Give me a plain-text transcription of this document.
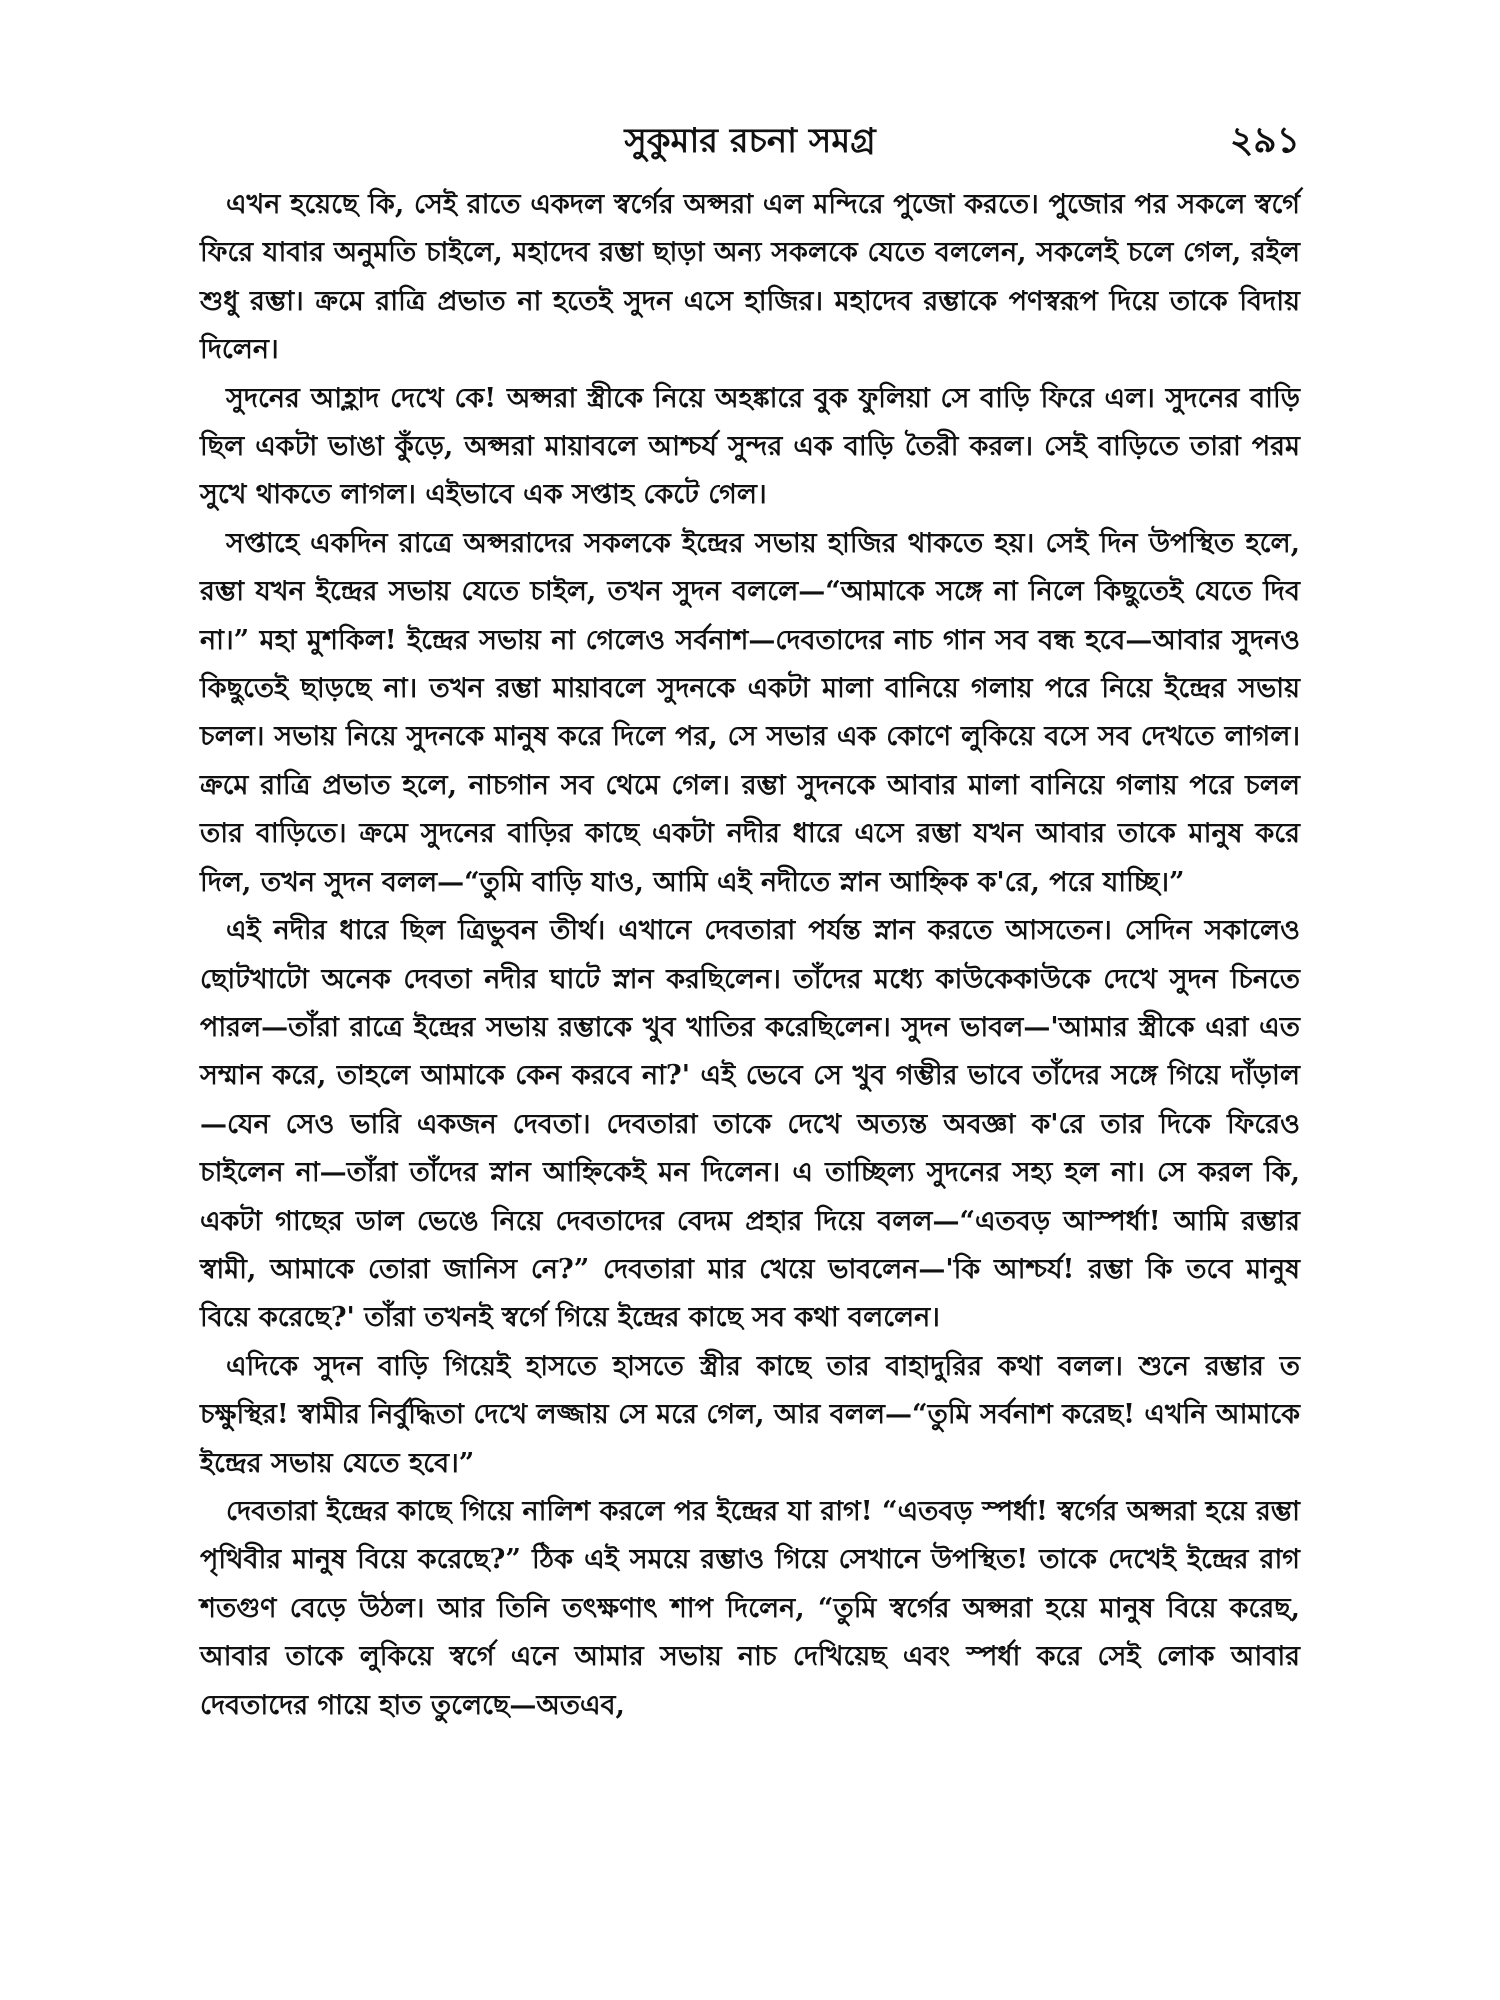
সুকুমার রচনা সমগ্র	২৯১

এখন হয়েছে কি, সেই রাতে একদল স্বর্গের অপ্সরা এল মন্দিরে পুজো করতে। পুজোর পর সকলে স্বর্গে ফিরে যাবার অনুমতি চাইলে, মহাদেব রম্ভা ছাড়া অন্য সকলকে যেতে বললেন, সকলেই চলে গেল, রইল শুধু রম্ভা। ক্রমে রাত্রি প্রভাত না হতেই সুদন এসে হাজির। মহাদেব রম্ভাকে পণস্বরূপ দিয়ে তাকে বিদায় দিলেন।

সুদনের আহ্লাদ দেখে কে! অপ্সরা স্ত্রীকে নিয়ে অহঙ্কারে বুক ফুলিয়া সে বাড়ি ফিরে এল। সুদনের বাড়ি ছিল একটা ভাঙা কুঁড়ে, অপ্সরা মায়াবলে আশ্চর্য সুন্দর এক বাড়ি তৈরী করল। সেই বাড়িতে তারা পরম সুখে থাকতে লাগল। এইভাবে এক সপ্তাহ কেটে গেল।

সপ্তাহে একদিন রাত্রে অপ্সরাদের সকলকে ইন্দ্রের সভায় হাজির থাকতে হয়। সেই দিন উপস্থিত হলে, রম্ভা যখন ইন্দ্রের সভায় যেতে চাইল, তখন সুদন বললে—“আমাকে সঙ্গে না নিলে কিছুতেই যেতে দিব না।” মহা মুশকিল! ইন্দ্রের সভায় না গেলেও সর্বনাশ—দেবতাদের নাচ গান সব বন্ধ হবে—আবার সুদনও কিছুতেই ছাড়ছে না। তখন রম্ভা মায়াবলে সুদনকে একটা মালা বানিয়ে গলায় পরে নিয়ে ইন্দ্রের সভায় চলল। সভায় নিয়ে সুদনকে মানুষ করে দিলে পর, সে সভার এক কোণে লুকিয়ে বসে সব দেখতে লাগল। ক্রমে রাত্রি প্রভাত হলে, নাচগান সব থেমে গেল। রম্ভা সুদনকে আবার মালা বানিয়ে গলায় পরে চলল তার বাড়িতে। ক্রমে সুদনের বাড়ির কাছে একটা নদীর ধারে এসে রম্ভা যখন আবার তাকে মানুষ করে দিল, তখন সুদন বলল—“তুমি বাড়ি যাও, আমি এই নদীতে স্নান আহ্নিক ক'রে, পরে যাচ্ছি।”

এই নদীর ধারে ছিল ত্রিভুবন তীর্থ। এখানে দেবতারা পর্যন্ত স্নান করতে আসতেন। সেদিন সকালেও ছোটখাটো অনেক দেবতা নদীর ঘাটে স্নান করছিলেন। তাঁদের মধ্যে কাউকেকাউকে দেখে সুদন চিনতে পারল—তাঁরা রাত্রে ইন্দ্রের সভায় রম্ভাকে খুব খাতির করেছিলেন। সুদন ভাবল—'আমার স্ত্রীকে এরা এত সম্মান করে, তাহলে আমাকে কেন করবে না?' এই ভেবে সে খুব গম্ভীর ভাবে তাঁদের সঙ্গে গিয়ে দাঁড়াল—যেন সেও ভারি একজন দেবতা। দেবতারা তাকে দেখে অত্যন্ত অবজ্ঞা ক'রে তার দিকে ফিরেও চাইলেন না—তাঁরা তাঁদের স্নান আহ্নিকেই মন দিলেন। এ তাচ্ছিল্য সুদনের সহ্য হল না। সে করল কি, একটা গাছের ডাল ভেঙে নিয়ে দেবতাদের বেদম প্রহার দিয়ে বলল—“এতবড় আস্পর্ধা! আমি রম্ভার স্বামী, আমাকে তোরা জানিস নে?” দেবতারা মার খেয়ে ভাবলেন—'কি আশ্চর্য! রম্ভা কি তবে মানুষ বিয়ে করেছে?' তাঁরা তখনই স্বর্গে গিয়ে ইন্দ্রের কাছে সব কথা বললেন।

এদিকে সুদন বাড়ি গিয়েই হাসতে হাসতে স্ত্রীর কাছে তার বাহাদুরির কথা বলল। শুনে রম্ভার ত চক্ষুস্থির! স্বামীর নির্বুদ্ধিতা দেখে লজ্জায় সে মরে গেল, আর বলল—“তুমি সর্বনাশ করেছ! এখনি আমাকে ইন্দ্রের সভায় যেতে হবে।”

দেবতারা ইন্দ্রের কাছে গিয়ে নালিশ করলে পর ইন্দ্রের যা রাগ! “এতবড় স্পর্ধা! স্বর্গের অপ্সরা হয়ে রম্ভা পৃথিবীর মানুষ বিয়ে করেছে?” ঠিক এই সময়ে রম্ভাও গিয়ে সেখানে উপস্থিত! তাকে দেখেই ইন্দ্রের রাগ শতগুণ বেড়ে উঠল। আর তিনি তৎক্ষণাৎ শাপ দিলেন, “তুমি স্বর্গের অপ্সরা হয়ে মানুষ বিয়ে করেছ, আবার তাকে লুকিয়ে স্বর্গে এনে আমার সভায় নাচ দেখিয়েছ এবং স্পর্ধা করে সেই লোক আবার দেবতাদের গায়ে হাত তুলেছে—অতএব,
